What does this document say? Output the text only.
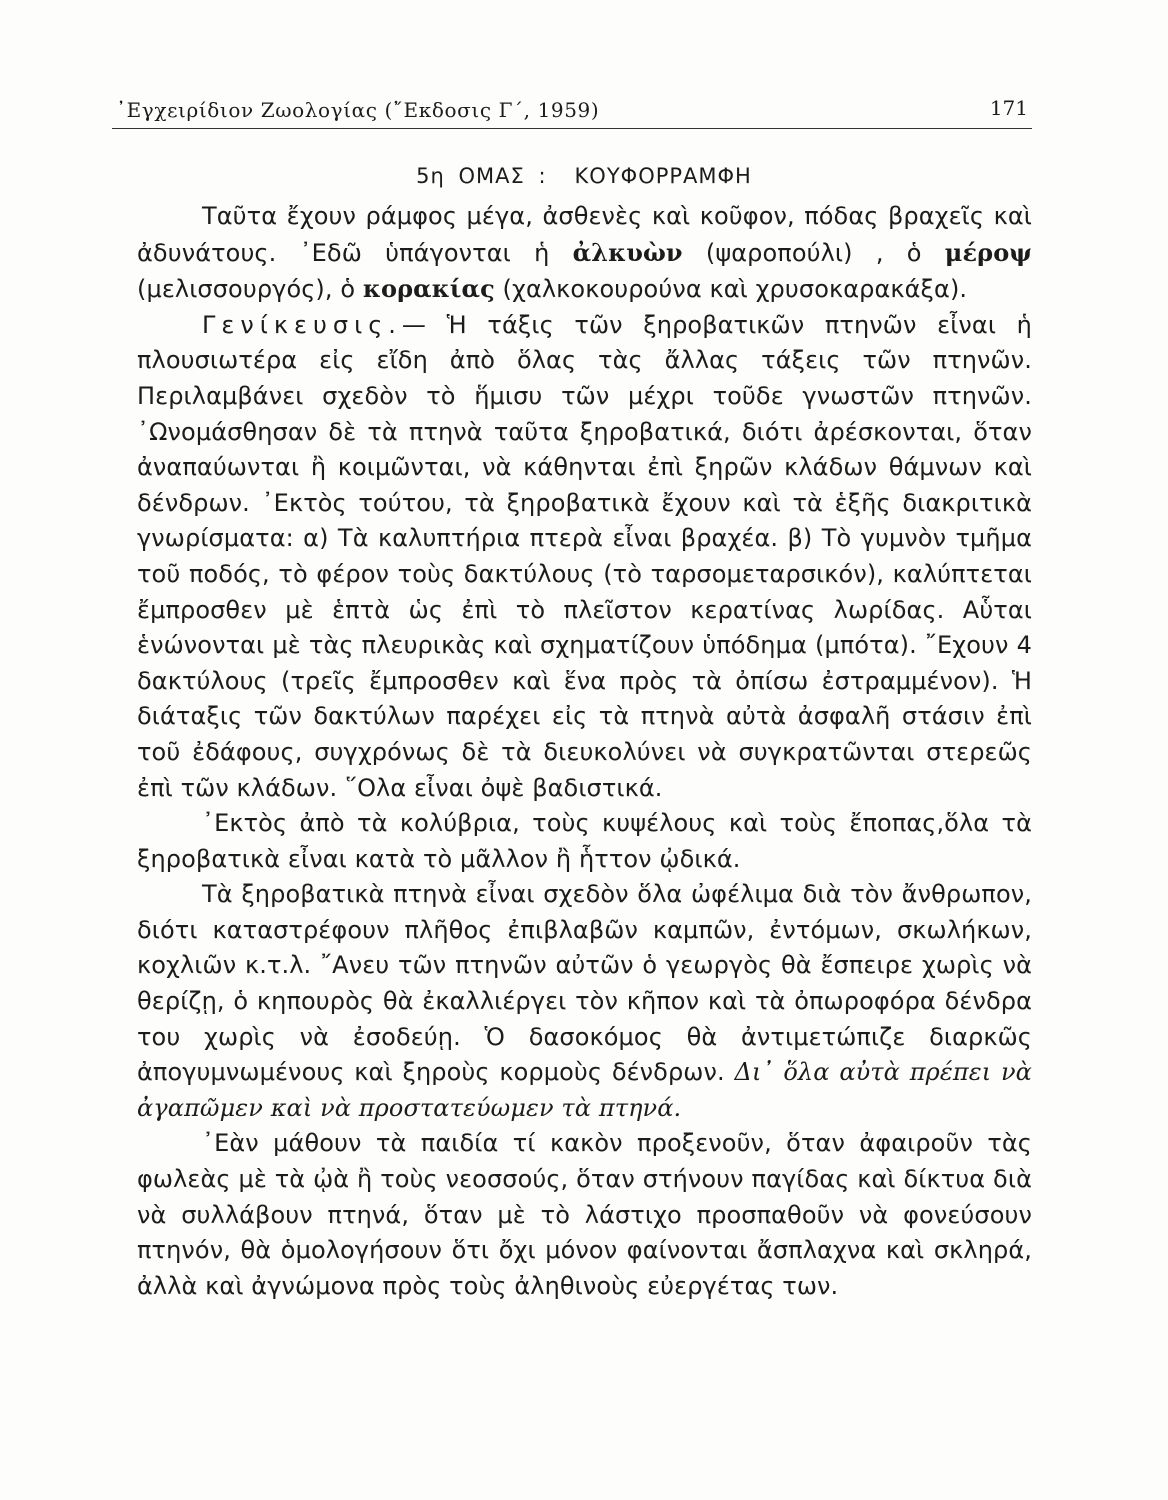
᾿Εγχειρίδιον Ζωολογίας (῎Εκδοσις Γ΄, 1959)	171
5η ΟΜΑΣ : ΚΟΥΦΟΡΡΑΜΦΗ

Ταῦτα ἔχουν ράμφος μέγα, ἀσθενὲς καὶ κοῦφον, πόδας βραχεῖς καὶ ἀδυνάτους. ᾿Εδῶ ὑπάγονται ἡ ἀλκυὼν (ψαροπούλι) , ὁ μέροψ (μελισσουργός), ὁ κορακίας (χαλκοκουρούνα καὶ χρυσοκαρακάξα).

Γενίκευσις.— Ἡ τάξις τῶν ξηροβατικῶν πτηνῶν εἶναι ἡ πλουσιωτέρα εἰς εἴδη ἀπὸ ὅλας τὰς ἄλλας τάξεις τῶν πτηνῶν. Περιλαμβάνει σχεδὸν τὸ ἥμισυ τῶν μέχρι τοῦδε γνωστῶν πτηνῶν. ᾿Ωνομάσθησαν δὲ τὰ πτηνὰ ταῦτα ξηροβατικά, διότι ἀρέσκονται, ὅταν ἀναπαύωνται ἢ κοιμῶνται, νὰ κάθηνται ἐπὶ ξηρῶν κλάδων θάμνων καὶ δένδρων. ᾿Εκτὸς τούτου, τὰ ξηροβατικὰ ἔχουν καὶ τὰ ἑξῆς διακριτικὰ γνωρίσματα: α) Τὰ καλυπτήρια πτερὰ εἶναι βραχέα. β) Τὸ γυμνὸν τμῆμα τοῦ ποδός, τὸ φέρον τοὺς δακτύλους (τὸ ταρσομεταρσικόν), καλύπτεται ἔμπροσθεν μὲ ἑπτὰ ὡς ἐπὶ τὸ πλεῖστον κερατίνας λωρίδας. Αὗται ἑνώνονται μὲ τὰς πλευρικὰς καὶ σχηματίζουν ὑπόδημα (μπότα). ῎Εχουν 4 δακτύλους (τρεῖς ἔμπροσθεν καὶ ἕνα πρὸς τὰ ὀπίσω ἐστραμμένον). Ἡ διάταξις τῶν δακτύλων παρέχει εἰς τὰ πτηνὰ αὐτὰ ἀσφαλῆ στάσιν ἐπὶ τοῦ ἐδάφους, συγχρόνως δὲ τὰ διευκολύνει νὰ συγκρατῶνται στερεῶς ἐπὶ τῶν κλάδων. ῞Ολα εἶναι ὀψὲ βαδιστικά.

᾿Εκτὸς ἀπὸ τὰ κολύβρια, τοὺς κυψέλους καὶ τοὺς ἔποπας,ὅλα τὰ ξηροβατικὰ εἶναι κατὰ τὸ μᾶλλον ἢ ἧττον ᾠδικά.

Τὰ ξηροβατικὰ πτηνὰ εἶναι σχεδὸν ὅλα ὠφέλιμα διὰ τὸν ἄνθρωπον, διότι καταστρέφουν πλῆθος ἐπιβλαβῶν καμπῶν, ἐντόμων, σκωλήκων, κοχλιῶν κ.τ.λ. ῎Ανευ τῶν πτηνῶν αὐτῶν ὁ γεωργὸς θὰ ἔσπειρε χωρὶς νὰ θερίζῃ, ὁ κηπουρὸς θὰ ἐκαλλιέργει τὸν κῆπον καὶ τὰ ὀπωροφόρα δένδρα του χωρὶς νὰ ἐσοδεύῃ. Ὁ δασοκόμος θὰ ἀντιμετώπιζε διαρκῶς ἀπογυμνωμένους καὶ ξηροὺς κορμοὺς δένδρων. Δι᾿ ὅλα αὐτὰ πρέπει νὰ ἀγαπῶμεν καὶ νὰ προστατεύωμεν τὰ πτηνά.

᾿Εὰν μάθουν τὰ παιδία τί κακὸν προξενοῦν, ὅταν ἀφαιροῦν τὰς φωλεὰς μὲ τὰ ᾠὰ ἢ τοὺς νεοσσούς, ὅταν στήνουν παγίδας καὶ δίκτυα διὰ νὰ συλλάβουν πτηνά, ὅταν μὲ τὸ λάστιχο προσπαθοῦν νὰ φονεύσουν πτηνόν, θὰ ὁμολογήσουν ὅτι ὄχι μόνον φαίνονται ἄσπλαχνα καὶ σκληρά, ἀλλὰ καὶ ἀγνώμονα πρὸς τοὺς ἀληθινοὺς εὐεργέτας των.
